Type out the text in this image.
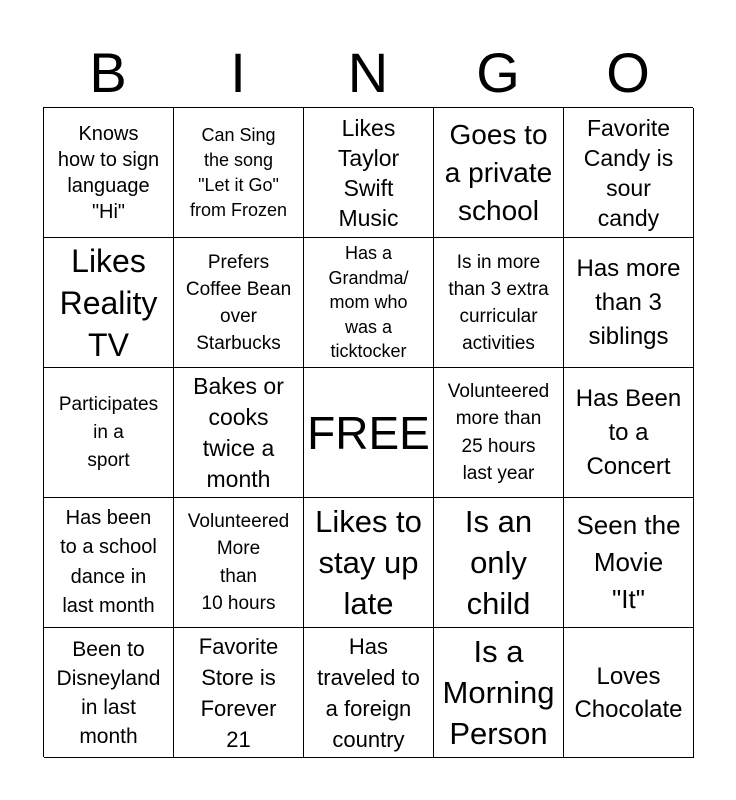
B	I	N	G	O
Knows
how to sign
language
"Hi"
Can Sing
the song
"Let it Go"
from Frozen
Likes
Taylor
Swift
Music
Goes to
a private
school
Favorite
Candy is
sour
candy
Likes
Reality
TV
Prefers
Coffee Bean
over
Starbucks
Has a
Grandma/
mom who
was a
ticktocker
Is in more
than 3 extra
curricular
activities
Has more
than 3
siblings
Participates
in a
sport
Bakes or
cooks
twice a
month
FREE
Volunteered
more than
25 hours
last year
Has Been
to a
Concert
Has been
to a school
dance in
last month
Volunteered
More
than
10 hours
Likes to
stay up
late
Is an
only
child
Seen the
Movie
"It"
Been to
Disneyland
in last
month
Favorite
Store is
Forever
21
Has
traveled to
a foreign
country
Is a
Morning
Person
Loves
Chocolate
